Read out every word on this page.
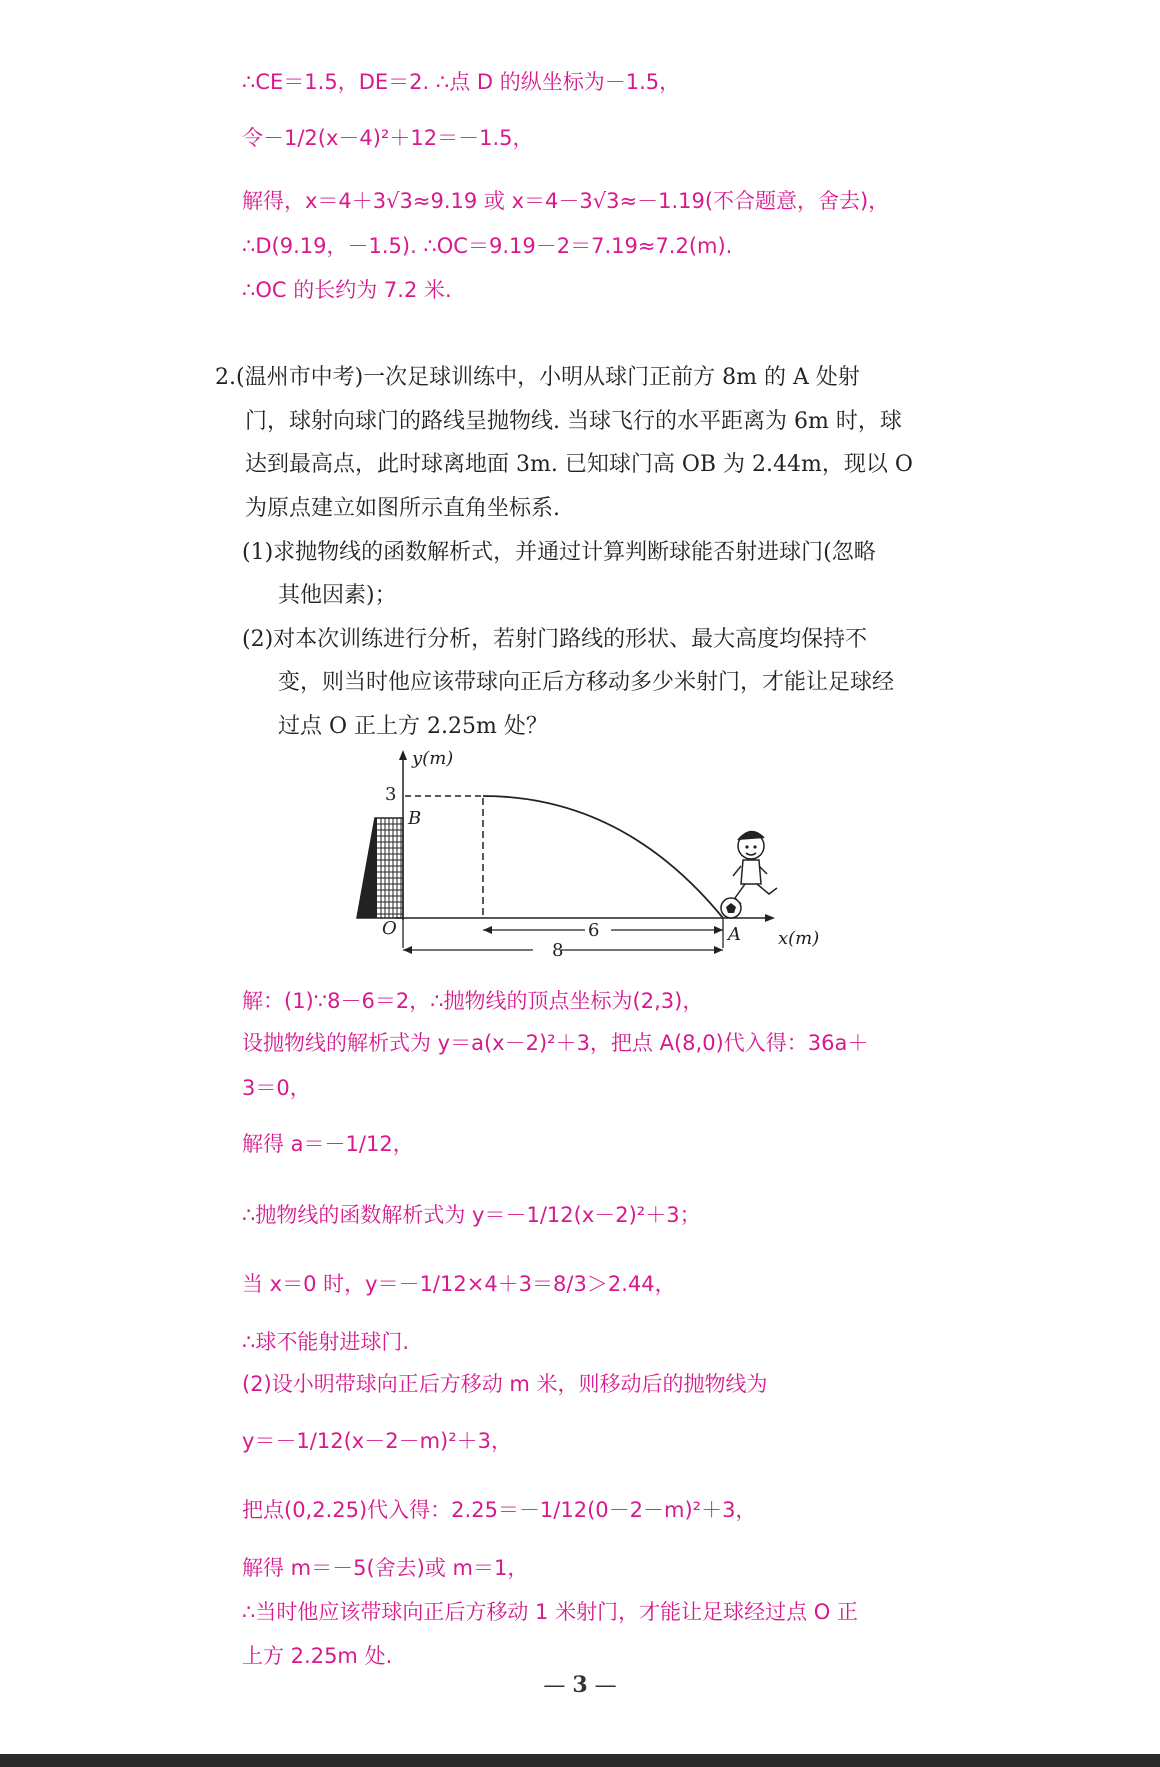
∴CE＝1.5，DE＝2. ∴点 D 的纵坐标为－1.5，
令－1/2(x－4)²＋12＝－1.5，
解得，x＝4＋3√3≈9.19 或 x＝4－3√3≈－1.19(不合题意，舍去)，
∴D(9.19，－1.5). ∴OC＝9.19－2＝7.19≈7.2(m).
∴OC 的长约为 7.2 米.
2.(温州市中考)一次足球训练中，小明从球门正前方 8m 的 A 处射
门，球射向球门的路线呈抛物线. 当球飞行的水平距离为 6m 时，球
达到最高点，此时球离地面 3m. 已知球门高 OB 为 2.44m，现以 O
为原点建立如图所示直角坐标系.
(1)求抛物线的函数解析式，并通过计算判断球能否射进球门(忽略
其他因素)；
(2)对本次训练进行分析，若射门路线的形状、最大高度均保持不
变，则当时他应该带球向正后方移动多少米射门，才能让足球经
过点 O 正上方 2.25m 处？
y(m)
3
B
O	A x(m)
6
8
解：(1)∵8－6＝2，∴抛物线的顶点坐标为(2,3)，
设抛物线的解析式为 y＝a(x－2)²＋3，把点 A(8,0)代入得：36a＋
3＝0，
解得 a＝－1/12，
∴抛物线的函数解析式为 y＝－1/12(x－2)²＋3；
当 x＝0 时，y＝－1/12×4＋3＝8/3＞2.44，
∴球不能射进球门.
(2)设小明带球向正后方移动 m 米，则移动后的抛物线为
y＝－1/12(x－2－m)²＋3，
把点(0,2.25)代入得：2.25＝－1/12(0－2－m)²＋3，
解得 m＝－5(舍去)或 m＝1，
∴当时他应该带球向正后方移动 1 米射门，才能让足球经过点 O 正
上方 2.25m 处.
— 3 —
